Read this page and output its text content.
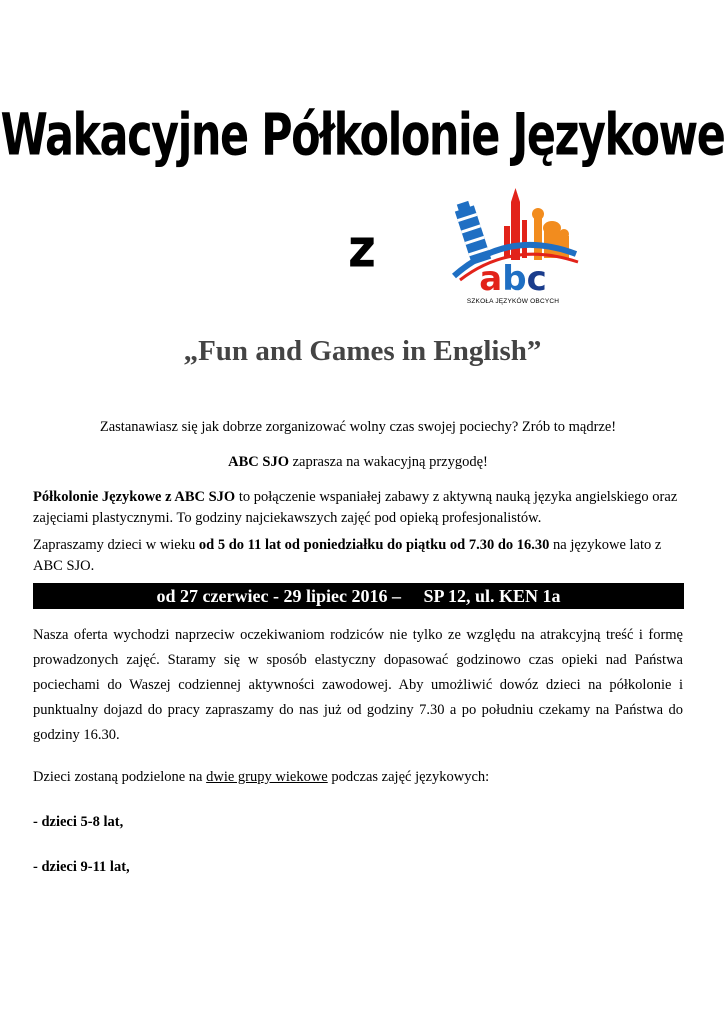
Wakacyjne Półkolonie Językowe
z	abc
SZKOŁA JĘZYKÓW OBCYCH
„Fun and Games in English”
Zastanawiasz się jak dobrze zorganizować wolny czas swojej pociechy? Zrób to mądrze!
ABC SJO zaprasza na wakacyjną przygodę!
Półkolonie Językowe z ABC SJO to połączenie wspaniałej zabawy z aktywną nauką języka angielskiego oraz zajęciami plastycznymi. To godziny najciekawszych zajęć pod opieką profesjonalistów.
Zapraszamy dzieci w wieku od 5 do 11 lat od poniedziałku do piątku od 7.30 do 16.30 na językowe lato z ABC SJO.
od 27 czerwiec - 29 lipiec 2016 –     SP 12, ul. KEN 1a
Nasza oferta wychodzi naprzeciw oczekiwaniom rodziców nie tylko ze względu na atrakcyjną treść i formę prowadzonych zajęć. Staramy się w sposób elastyczny dopasować godzinowo czas opieki nad Państwa pociechami do Waszej codziennej aktywności zawodowej. Aby umożliwić dowóz dzieci na półkolonie i punktualny dojazd do pracy zapraszamy do nas już od godziny 7.30 a po południu czekamy na Państwa do godziny 16.30.
Dzieci zostaną podzielone na dwie grupy wiekowe podczas zajęć językowych:
- dzieci 5-8 lat,
- dzieci 9-11 lat,
